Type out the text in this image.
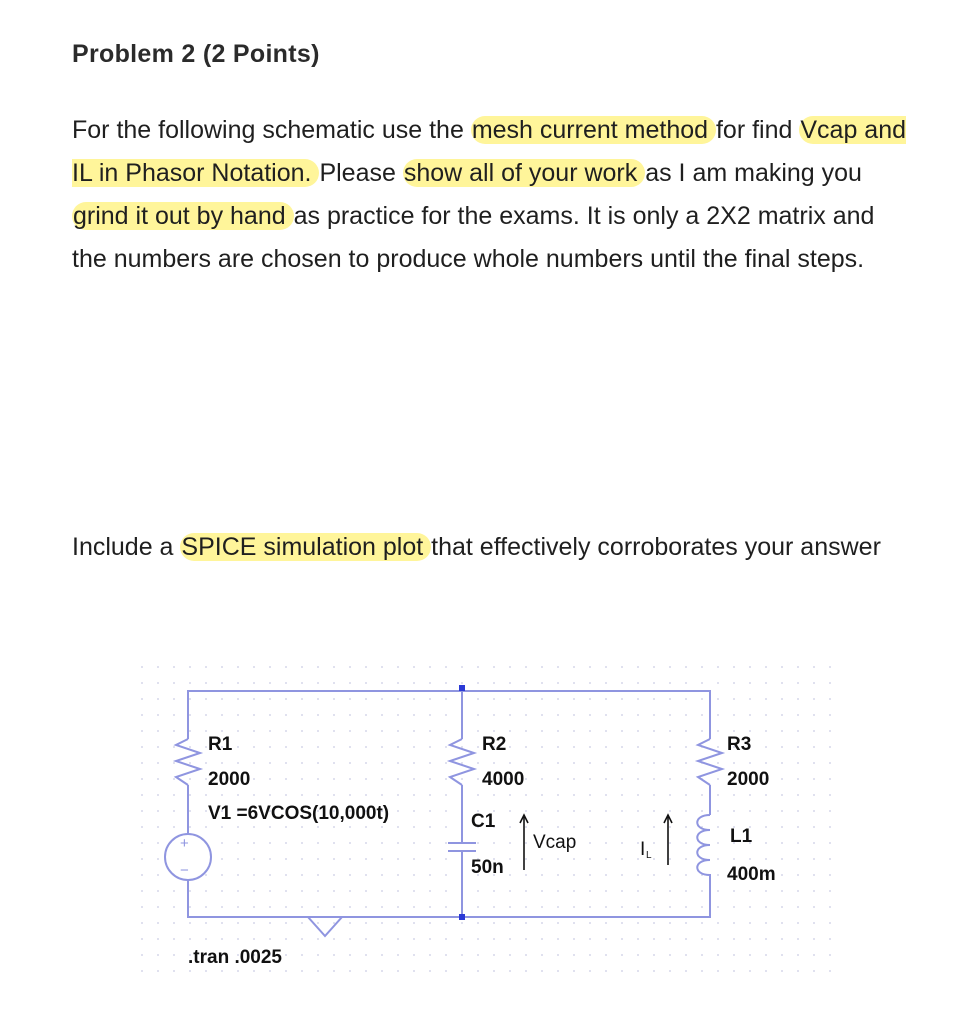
Problem 2 (2 Points)
For the following schematic use the mesh current method for find Vcap and IL in Phasor Notation. Please show all of your work as I am making you grind it out by hand as practice for the exams. It is only a 2X2 matrix and the numbers are chosen to produce whole numbers until the final steps.
Include a SPICE simulation plot that effectively corroborates your answer
+
−
R1
2000
V1 =6VCOS(10,000t)
R2
4000
C1
50n
Vcap	I L
R3
2000
L1
400m
.tran .0025
